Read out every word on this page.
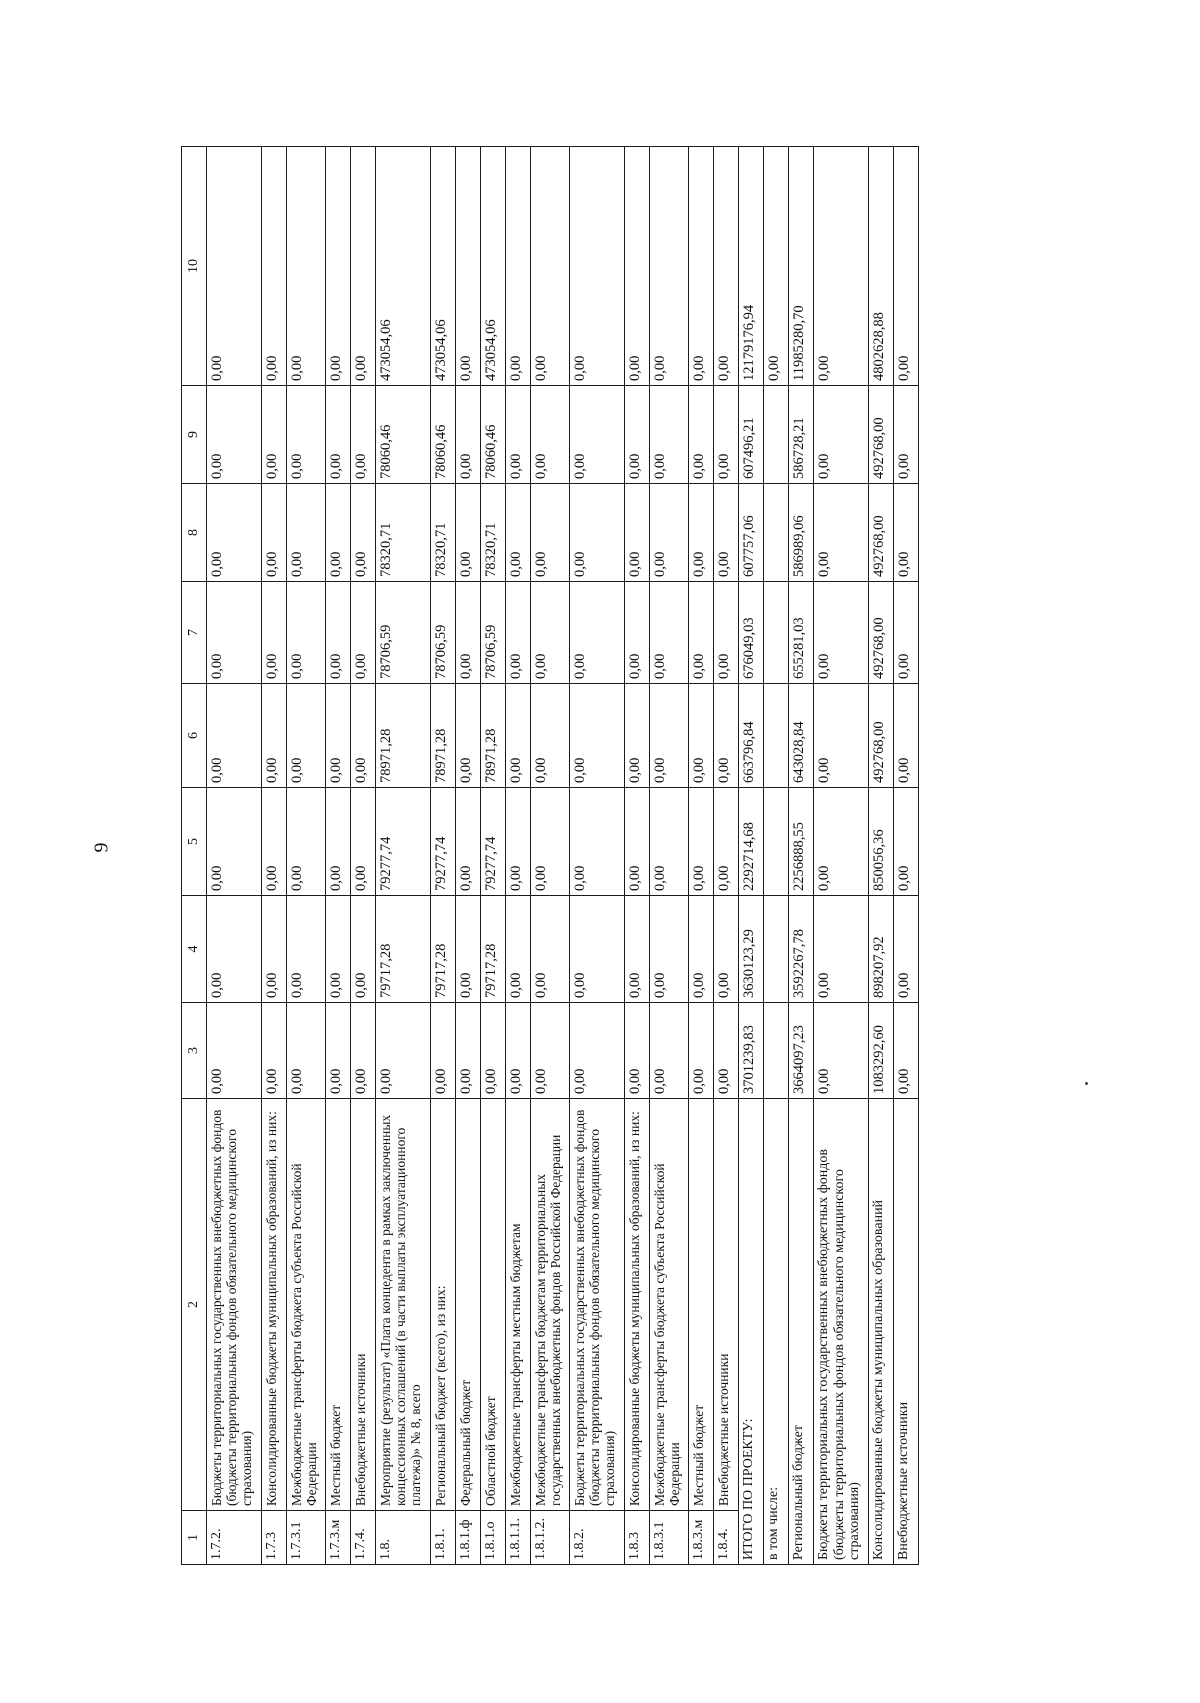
9
1	2	3	4	5	6	7	8	9	10
1.7.2.	Бюджеты территориальных государственных внебюджетных фондов (бюджеты территориальных фондов обязательного медицинского страхования)	0,00	0,00	0,00	0,00	0,00	0,00	0,00	0,00
1.7.3	Консолидированные бюджеты муниципальных образований, из них:	0,00	0,00	0,00	0,00	0,00	0,00	0,00	0,00
1.7.3.1	Межбюджетные трансферты бюджета субъекта Российской Федерации	0,00	0,00	0,00	0,00	0,00	0,00	0,00	0,00
1.7.3.м	Местный бюджет	0,00	0,00	0,00	0,00	0,00	0,00	0,00	0,00
1.7.4.	Внебюджетные источники	0,00	0,00	0,00	0,00	0,00	0,00	0,00	0,00
1.8.	Мероприятие (результат) «Плата концедента в рамках заключенных концессионных соглашений (в части выплаты эксплуатационного платежа)» № 8, всего	0,00	79717,28	79277,74	78971,28	78706,59	78320,71	78060,46	473054,06
1.8.1.	Региональный бюджет (всего), из них:	0,00	79717,28	79277,74	78971,28	78706,59	78320,71	78060,46	473054,06
1.8.1.ф	Федеральный бюджет	0,00	0,00	0,00	0,00	0,00	0,00	0,00	0,00
1.8.1.о	Областной бюджет	0,00	79717,28	79277,74	78971,28	78706,59	78320,71	78060,46	473054,06
1.8.1.1.	Межбюджетные трансферты местным бюджетам	0,00	0,00	0,00	0,00	0,00	0,00	0,00	0,00
1.8.1.2.	Межбюджетные трансферты бюджетам территориальных государственных внебюджетных фондов Российской Федерации	0,00	0,00	0,00	0,00	0,00	0,00	0,00	0,00
1.8.2.	Бюджеты территориальных государственных внебюджетных фондов (бюджеты территориальных фондов обязательного медицинского страхования)	0,00	0,00	0,00	0,00	0,00	0,00	0,00	0,00
1.8.3	Консолидированные бюджеты муниципальных образований, из них:	0,00	0,00	0,00	0,00	0,00	0,00	0,00	0,00
1.8.3.1	Межбюджетные трансферты бюджета субъекта Российской Федерации	0,00	0,00	0,00	0,00	0,00	0,00	0,00	0,00
1.8.3.м	Местный бюджет	0,00	0,00	0,00	0,00	0,00	0,00	0,00	0,00
1.8.4.	Внебюджетные источники	0,00	0,00	0,00	0,00	0,00	0,00	0,00	0,00
ИТОГО ПО ПРОЕКТУ:		3701239,83	3630123,29	2292714,68	663796,84	676049,03	607757,06	607496,21	12179176,94
в том числе:									0,00
Региональный бюджет		3664097,23	3592267,78	2256888,55	643028,84	655281,03	586989,06	586728,21	11985280,70
Бюджеты территориальных государственных внебюджетных фондов (бюджеты территориальных фондов обязательного медицинского страхования)		0,00	0,00	0,00	0,00	0,00	0,00	0,00	0,00
Консолидированные бюджеты муниципальных образований		1083292,60	898207,92	850056,36	492768,00	492768,00	492768,00	492768,00	4802628,88
Внебюджетные источники		0,00	0,00	0,00	0,00	0,00	0,00	0,00	0,00
